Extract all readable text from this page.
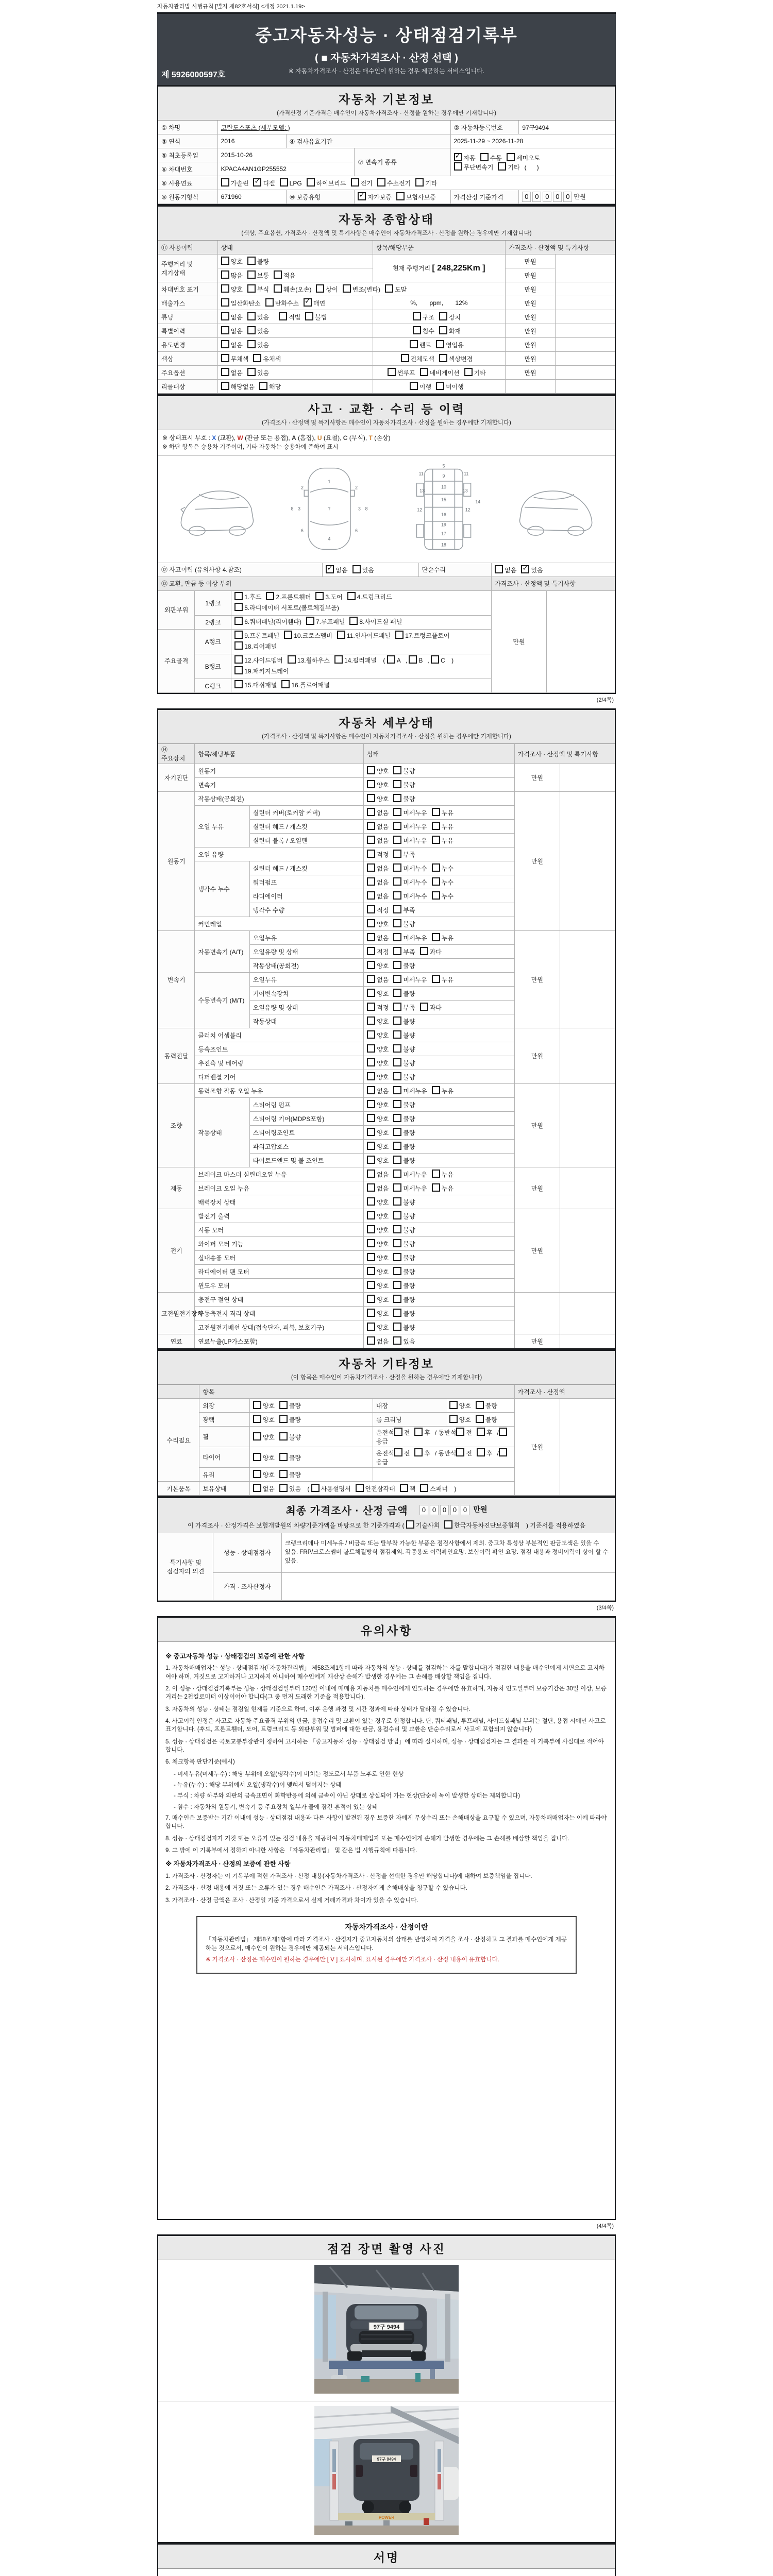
자동차관리법 시행규칙 [별지 제82호서식] <개정 2021.1.19>
중고자동차성능 · 상태점검기록부
( ■ 자동차가격조사 · 산정 선택 )
※ 자동차가격조사 · 산정은 매수인이 원하는 경우 제공하는 서비스입니다.
제 5926000597호
자동차 기본정보
(가격산정 기준가격은 매수인이 자동차가격조사 · 산정을 원하는 경우에만 기재합니다)
① 차명	코란도스포츠 (세부모델: )			② 자동차등록번호	97구9494
③ 연식	2016	④ 검사유효기간		2025-11-29 ~ 2026-11-28	
⑤ 최초등록일	2015-10-26		⑦ 변속기 종류	✓자동 수동 세미오토
무단변속기 기타 (      )
⑥ 차대번호	KPACA4AN1GP255552				
⑧ 사용연료	가솔린 ✓ 디젤 LPG 하이브리드 전기 수소전기 기타
⑨ 원동기형식	671960	⑩ 보증유형	✓자가보증 보험사보증	가격산정 기준가격	0 0 0 0 0 만원
자동차 종합상태
(색상, 주요옵션, 가격조사 · 산정액 및 특기사항은 매수인이 자동차가격조사 · 산정을 원하는 경우에만 기재합니다)
⑪ 사용이력	상태	항목/해당부품	가격조사 · 산정액 및 특기사항	
주행거리 및 계기상태	양호 불량	현재 주행거리 [ 248,225Km ]	만원	
	많음 보통 적음		만원	
차대번호 표기	양호 부식 훼손(오손) 상이 변조(변타) 도말		만원	
배출가스	일산화탄소 탄화수소 ✓ 매연	%,       ppm,       12%	만원	
튜닝	없음 있음 적법 불법	구조 장치	만원	
특별이력	없음 있음	침수 화재	만원	
용도변경	없음 있음	렌트 영업용	만원	
색상	무채색 유채색	전체도색 색상변경	만원	
주요옵션	없음 있음	썬루프 네비게이션 기타	만원	
리콜대상	해당없음 해당	이행 미이행		
사고 · 교환 · 수리 등 이력
(가격조사 · 산정액 및 특기사항은 매수인이 자동차가격조사 · 산정을 원하는 경우에만 기재합니다)
※ 상태표시 부호 : X (교환), W (판금 또는 용접), A (흠집), U (요철), C (부식), T (손상)
※ 하단 항목은 승용차 기준이며, 기타 자동차는 승용차에 준하여 표시
1
2	2
3	3
7
6	6
4
8	8
5
9
10
11	11
13	13
15
12	12
14
16
19
17
18
⑫ 사고이력 (유의사항 4.참조)	✓없음 있음	단순수리	없음 ✓ 있음
⑬ 교환, 판금 등 이상 부위			가격조사 · 산정액 및 특기사항	
외판부위	1랭크	1.후드 2.프론트휀더 3.도어 4.트렁크리드
5.라디에이터 서포트(볼트체결부품)	만원	
	2랭크	6.쿼터패널(리어휀다) 7.루프패널 8.사이드실 패널		
주요골격	A랭크	9.프론트패널 10.크로스멤버 11.인사이드패널 17.트렁크플로어
18.리어패널		
	B랭크	12.사이드멤버 13.휠하우스 14.필러패널 ( A , B , C )
19.패키지트레이		
	C랭크	15.대쉬패널 16.플로어패널		
(2/4쪽)
자동차 세부상태
(가격조사 · 산정액 및 특기사항은 매수인이 자동차가격조사 · 산정을 원하는 경우에만 기재합니다)
⑭ 주요장치	항목/해당부품		상태	가격조사 · 산정액 및 특기사항	
자기진단	원동기		양호 불량	만원	
	변속기		양호 불량		
원동기	작동상태(공회전)		양호 불량	만원	
	오일 누유	실린더 커버(로커암 커버)	없음 미세누유 누유		
		실린더 헤드 / 개스킷	없음 미세누유 누유		
		실린더 블록 / 오일팬	없음 미세누유 누유		
	오일 유량		적정 부족		
	냉각수 누수	실린더 헤드 / 개스킷	없음 미세누수 누수		
		워터펌프	없음 미세누수 누수		
		라디에이터	없음 미세누수 누수		
		냉각수 수량	적정 부족		
	커먼레일		양호 불량		
변속기	자동변속기 (A/T)	오일누유	없음 미세누유 누유	만원	
		오일유량 및 상태	적정 부족 과다		
		작동상태(공회전)	양호 불량		
	수동변속기 (M/T)	오일누유	없음 미세누유 누유		
		기어변속장치	양호 불량		
		오일유량 및 상태	적정 부족 과다		
		작동상태	양호 불량		
동력전달	클러치 어셈블리		양호 불량	만원	
	등속조인트		양호 불량		
	추진축 및 베어링		양호 불량		
	디퍼렌셜 기어		양호 불량		
조향	동력조향 작동 오일 누유		없음 미세누유 누유	만원	
	작동상태	스티어링 펌프	양호 불량		
		스티어링 기어(MDPS포함)	양호 불량		
		스티어링조인트	양호 불량		
		파워고압호스	양호 불량		
		타이로드엔드 및 볼 조인트	양호 불량		
제동	브레이크 마스터 실린더오일 누유		없음 미세누유 누유	만원	
	브레이크 오일 누유		없음 미세누유 누유		
	배력장치 상태		양호 불량		
전기	발전기 출력		양호 불량	만원	
	시동 모터		양호 불량		
	와이퍼 모터 기능		양호 불량		
	실내송풍 모터		양호 불량		
	라디에이터 팬 모터		양호 불량		
	윈도우 모터		양호 불량		
고전원전기장치	충전구 절연 상태		양호 불량		
	구동축전지 격리 상태		양호 불량		
	고전원전기배선 상태(접속단자, 피복, 보호기구)		양호 불량		
연료	연료누출(LP가스포함)		없음 있음	만원	
자동차 기타정보
(이 항목은 매수인이 자동차가격조사 · 산정을 원하는 경우에만 기재합니다)
	항목				가격조사 · 산정액	
수리필요	외장	양호 불량	내장	양호 불량	만원	
	광택	양호 불량	룸 크리닝	양호 불량		
	휠	양호 불량	운전석 전 후 / 동반석 전 후 /응급			
	타이어	양호 불량	운전석 전 후 / 동반석 전 후 /응급			
	유리	양호 불량				
기본품목	보유상태	없음 있음 ( 사용설명서 안전삼각대 잭 스패너 )				
최종 가격조사 · 산정 금액 0 0 0 0 0 만원
이 가격조사 · 산정가격은 보험개발원의 차량기준가액을 바탕으로 한 기준가격과 ( 기술사회 한국자동차진단보증협회 ) 기준서를 적용하였음
특기사항 및 점검자의 의견	성능 · 상태점검자	크랭크리데나 미세누유 / 비금속 또는 탈부착 가능한 부품은 점검사항에서 제외. 중고차 특성상 부분적인 판금도색은 있을 수 있음. FRP/크로스멤버 볼트체결방식 점검제외. 각종용도 이력확인요망. 보험이력 확인 요망. 점검 내용과 정비이력이 상이 할 수 있음.
	가격 · 조사산정자	
(3/4쪽)
유의사항
※ 중고자동차 성능 · 상태점검의 보증에 관한 사항
1. 자동차매매업자는 성능 · 상태점검자(「자동차관리법」 제58조제1항에 따라 자동차의 성능 · 상태를 점검하는 자를 말합니다)가 점검한 내용을 매수인에게 서면으로 고지하여야 하며, 거짓으로 고지하거나 고지하지 아니하여 매수인에게 재산상 손해가 발생한 경우에는 그 손해를 배상할 책임을 집니다.
2. 이 성능 · 상태점검기록부는 성능 · 상태점검일부터 120일 이내에 매매용 자동차를 매수인에게 인도하는 경우에만 유효하며, 자동차 인도일부터 보증기간은 30일 이상, 보증거리는 2천킬로미터 이상이어야 합니다(그 중 먼저 도래한 기준을 적용합니다).
3. 자동차의 성능 · 상태는 점검일 현재를 기준으로 하며, 이후 운행 과정 및 시간 경과에 따라 상태가 달라질 수 있습니다.
4. 사고이력 인정은 사고로 자동차 주요골격 부위의 판금, 용접수리 및 교환이 있는 경우로 한정합니다. 단, 쿼터패널, 루프패널, 사이드실패널 부위는 절단, 용접 시에만 사고로 표기합니다. (후드, 프론트휀더, 도어, 트렁크리드 등 외판부위 및 범퍼에 대한 판금, 용접수리 및 교환은 단순수리로서 사고에 포함되지 않습니다)
5. 성능 · 상태점검은 국토교통부장관이 정하여 고시하는 「중고자동차 성능 · 상태점검 방법」에 따라 실시하며, 성능 · 상태점검자는 그 결과를 이 기록부에 사실대로 적어야 합니다.
6. 체크항목 판단기준(예시)
- 미세누유(미세누수) : 해당 부위에 오일(냉각수)이 비치는 정도로서 부품 노후로 인한 현상
- 누유(누수) : 해당 부위에서 오일(냉각수)이 맺혀서 떨어지는 상태
- 부식 : 차량 하부와 외판의 금속표면이 화학반응에 의해 금속이 아닌 상태로 상실되어 가는 현상(단순히 녹이 발생한 상태는 제외합니다)
- 침수 : 자동차의 원동기, 변속기 등 주요장치 일부가 물에 잠긴 흔적이 있는 상태
7. 매수인은 보증받는 기간 이내에 성능 · 상태점검 내용과 다른 사항이 발견된 경우 보증한 자에게 무상수리 또는 손해배상을 요구할 수 있으며, 자동차매매업자는 이에 따라야 합니다.
8. 성능 · 상태점검자가 거짓 또는 오류가 있는 점검 내용을 제공하여 자동차매매업자 또는 매수인에게 손해가 발생한 경우에는 그 손해를 배상할 책임을 집니다.
9. 그 밖에 이 기록부에서 정하지 아니한 사항은 「자동차관리법」 및 같은 법 시행규칙에 따릅니다.
※ 자동차가격조사 · 산정의 보증에 관한 사항
1. 가격조사 · 산정자는 이 기록부에 적힌 가격조사 · 산정 내용(자동차가격조사 · 산정을 선택한 경우만 해당합니다)에 대하여 보증책임을 집니다.
2. 가격조사 · 산정 내용에 거짓 또는 오류가 있는 경우 매수인은 가격조사 · 산정자에게 손해배상을 청구할 수 있습니다.
3. 가격조사 · 산정 금액은 조사 · 산정일 기준 가격으로서 실제 거래가격과 차이가 있을 수 있습니다.
자동차가격조사 · 산정이란
「자동차관리법」 제58조제1항에 따라 가격조사 · 산정자가 중고자동차의 상태를 반영하여 가격을 조사 · 산정하고 그 결과를 매수인에게 제공하는 것으로서, 매수인이 원하는 경우에만 제공되는 서비스입니다.
※ 가격조사 · 산정은 매수인이 원하는 경우에만 [ V ] 표시하며, 표시된 경우에만 가격조사 · 산정 내용이 유효합니다.
(4/4쪽)
점검 장면 촬영 사진
97구 9494
97구 9494
POWER
서명
